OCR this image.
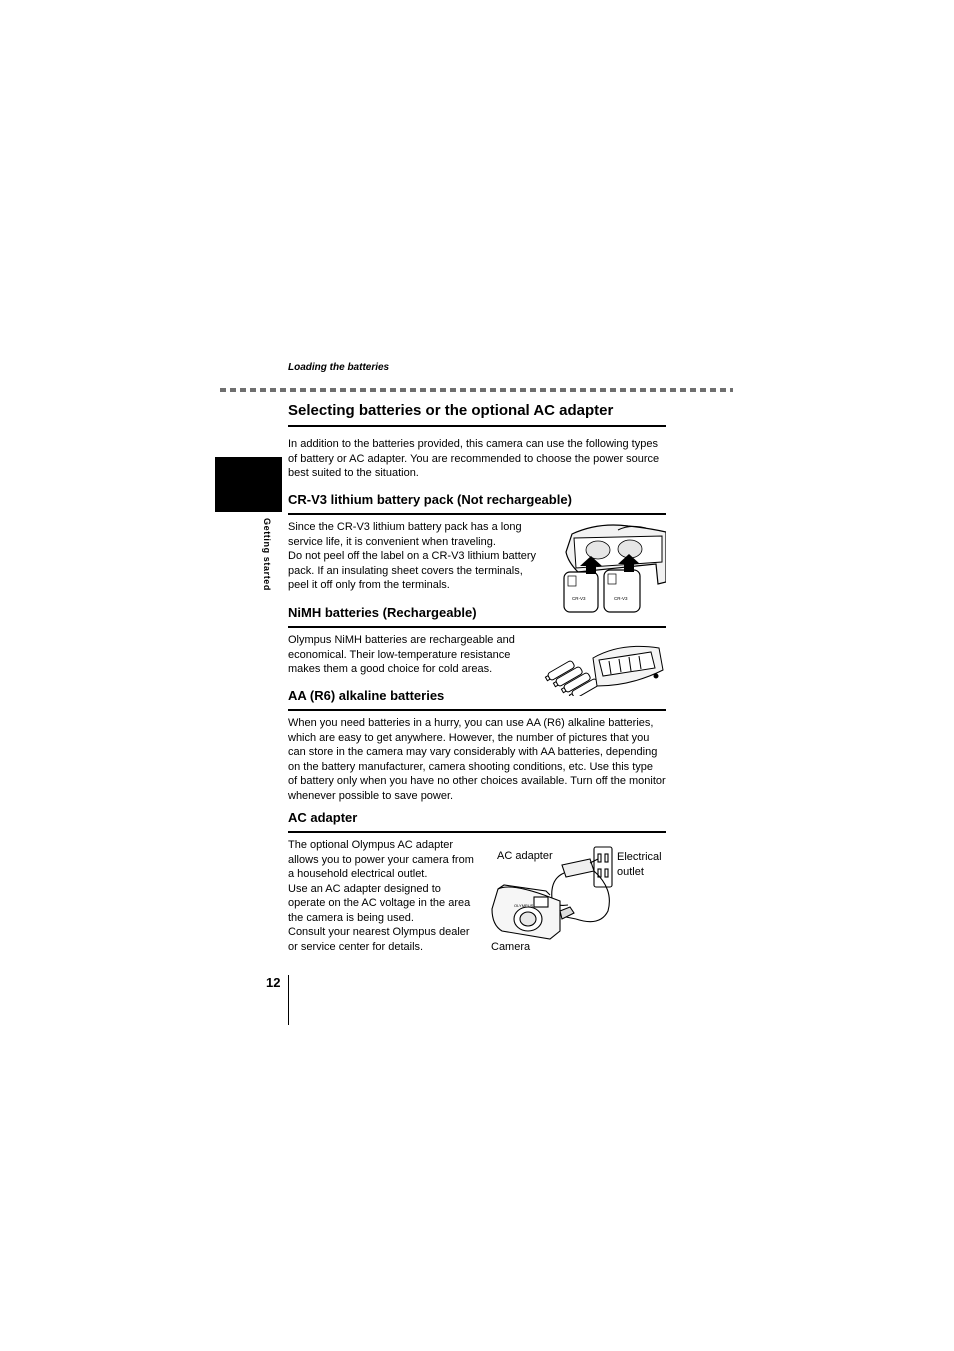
Loading the batteries
Getting started
Selecting batteries or the optional AC adapter
In addition to the batteries provided, this camera can use the following types
of battery or AC adapter. You are recommended to choose the power source
best suited to the situation.
CR-V3 lithium battery pack (Not rechargeable)
Since the CR-V3 lithium battery pack has a long
service life, it is convenient when traveling.
Do not peel off the label on a CR-V3 lithium battery
pack. If an insulating sheet covers the terminals,
peel it off only from the terminals.
CR-V3	CR-V3
NiMH batteries (Rechargeable)
Olympus NiMH batteries are rechargeable and
economical. Their low-temperature resistance
makes them a good choice for cold areas.
AA (R6) alkaline batteries
When you need batteries in a hurry, you can use AA (R6) alkaline batteries,
which are easy to get anywhere. However, the number of pictures that you
can store in the camera may vary considerably with AA batteries, depending
on the battery manufacturer, camera shooting conditions, etc. Use this type
of battery only when you have no other choices available. Turn off the monitor
whenever possible to save power.
AC adapter
The optional Olympus AC adapter
allows you to power your camera from
a household electrical outlet.
Use an AC adapter designed to
operate on the AC voltage in the area
the camera is being used.
Consult your nearest Olympus dealer
or service center for details.
AC adapter	Electrical
outlet
Camera
OLYMPUS
12
